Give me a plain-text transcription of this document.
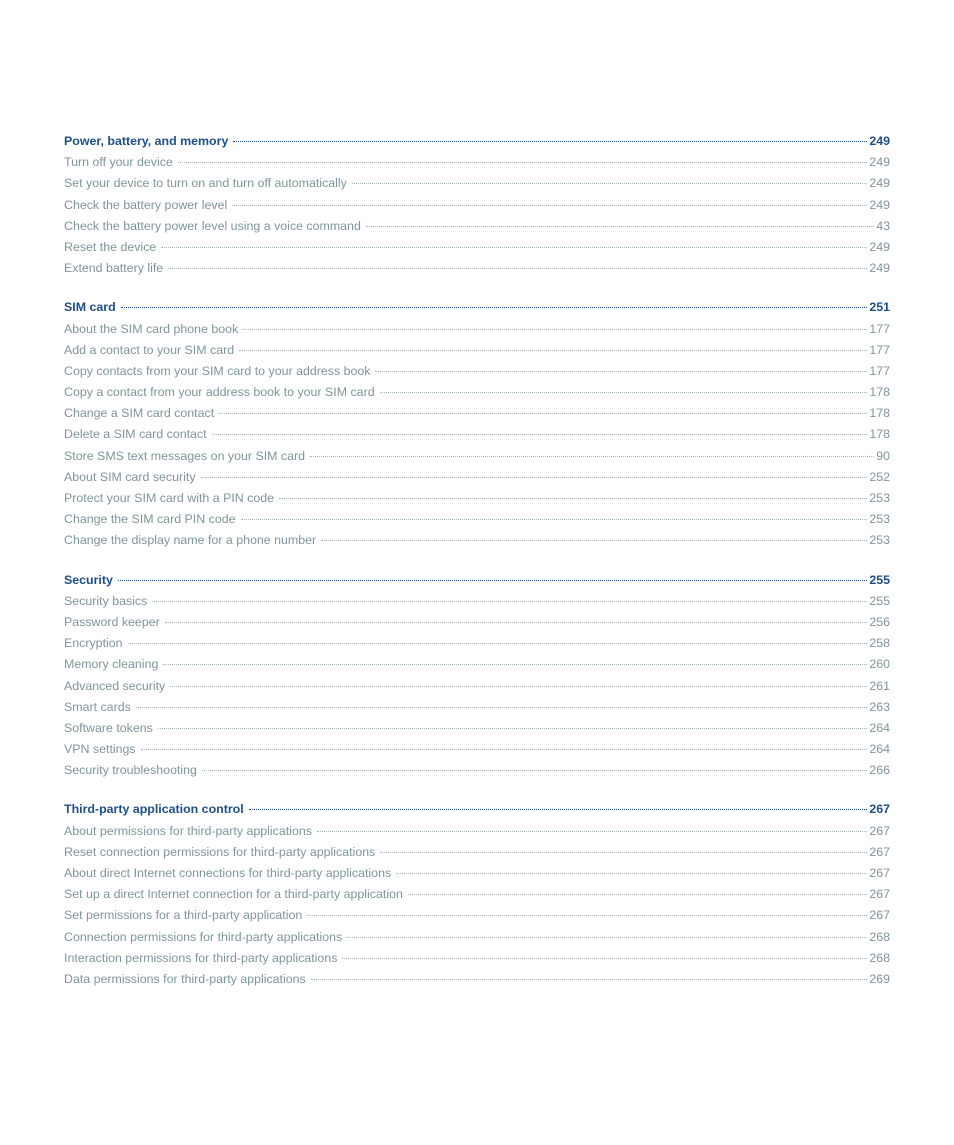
Power, battery, and memory	249
Turn off your device	249
Set your device to turn on and turn off automatically	249
Check the battery power level	249
Check the battery power level using a voice command	43
Reset the device	249
Extend battery life	249
SIM card	251
About the SIM card phone book	177
Add a contact to your SIM card	177
Copy contacts from your SIM card to your address book	177
Copy a contact from your address book to your SIM card	178
Change a SIM card contact	178
Delete a SIM card contact	178
Store SMS text messages on your SIM card	90
About SIM card security	252
Protect your SIM card with a PIN code	253
Change the SIM card PIN code	253
Change the display name for a phone number	253
Security	255
Security basics	255
Password keeper	256
Encryption	258
Memory cleaning	260
Advanced security	261
Smart cards	263
Software tokens	264
VPN settings	264
Security troubleshooting	266
Third-party application control	267
About permissions for third-party applications	267
Reset connection permissions for third-party applications	267
About direct Internet connections for third-party applications	267
Set up a direct Internet connection for a third-party application	267
Set permissions for a third-party application	267
Connection permissions for third-party applications	268
Interaction permissions for third-party applications	268
Data permissions for third-party applications	269
